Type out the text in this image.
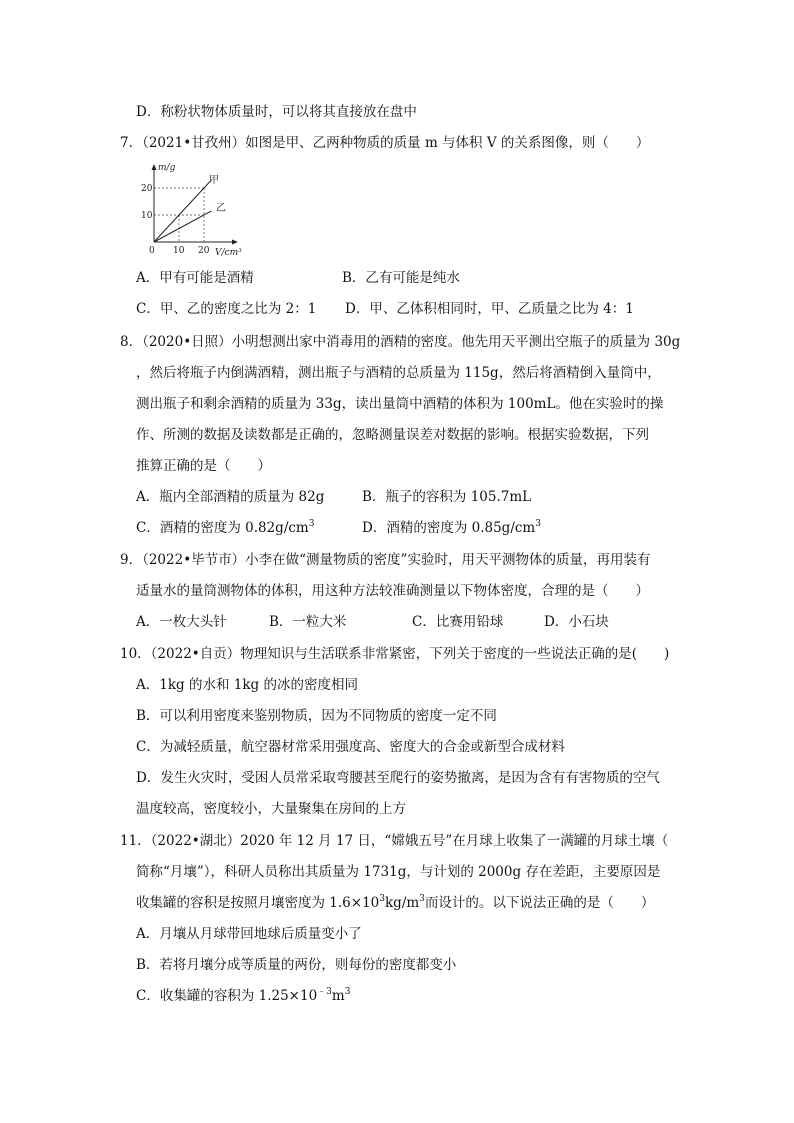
D．称粉状物体质量时，可以将其直接放在盘中
7．（2021•甘孜州）如图是甲、乙两种物质的质量 m 与体积 V 的关系图像，则（　　）
m/g
20
10
0 10 20 V/cm³
甲
乙
A．甲有可能是酒精	B．乙有可能是纯水
C．甲、乙的密度之比为 2：1 D．甲、乙体积相同时，甲、乙质量之比为 4：1
8．（2020•日照）小明想测出家中消毒用的酒精的密度。他先用天平测出空瓶子的质量为 30g
，然后将瓶子内倒满酒精，测出瓶子与酒精的总质量为 115g，然后将酒精倒入量筒中，
测出瓶子和剩余酒精的质量为 33g，读出量筒中酒精的体积为 100mL。他在实验时的操
作、所测的数据及读数都是正确的，忽略测量误差对数据的影响。根据实验数据，下列
推算正确的是（　　）
A．瓶内全部酒精的质量为 82g	B．瓶子的容积为 105.7mL
C．酒精的密度为 $0.82g/cm^3$	D．酒精的密度为 $0.85g/cm^3$
9．（2022•毕节市）小李在做“测量物质的密度”实验时，用天平测物体的质量，再用装有
适量水的量筒测物体的体积，用这种方法较准确测量以下物体密度，合理的是（　　）
A．一枚大头针	B．一粒大米	C．比赛用铅球	D．小石块
10．（2022•自贡）物理知识与生活联系非常紧密，下列关于密度的一些说法正确的是(　　)
A．1kg 的水和 1kg 的冰的密度相同
B．可以利用密度来鉴别物质，因为不同物质的密度一定不同
C．为减轻质量，航空器材常采用强度高、密度大的合金或新型合成材料
D．发生火灾时，受困人员常采取弯腰甚至爬行的姿势撤离，是因为含有有害物质的空气
温度较高，密度较小，大量聚集在房间的上方
11．（2022•湖北）2020 年 12 月 17 日，“嫦娥五号”在月球上收集了一满罐的月球土壤（
简称“月壤”），科研人员称出其质量为 1731g，与计划的 2000g 存在差距，主要原因是
收集罐的容积是按照月壤密度为 $1.6\times 10^3kg/m^3$而设计的。以下说法正确的是（　　）
A．月壤从月球带回地球后质量变小了
B．若将月壤分成等质量的两份，则每份的密度都变小
C．收集罐的容积为 $1.25\times 10^{﹣3}m^3$
